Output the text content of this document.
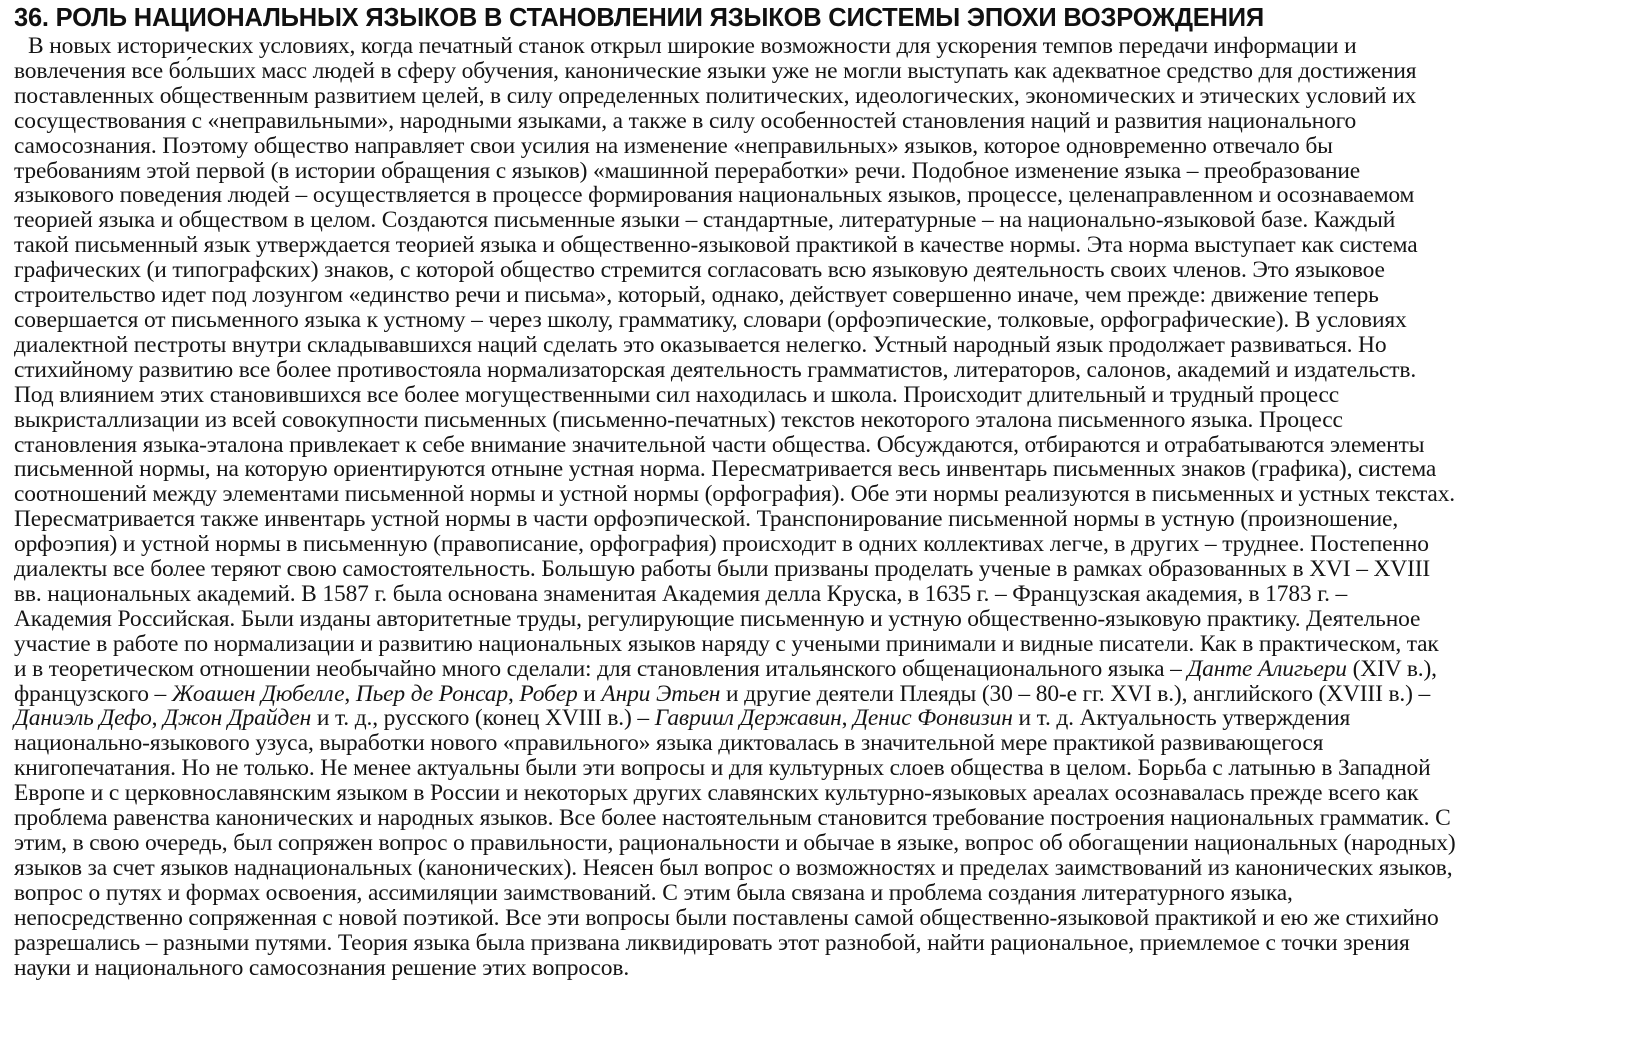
36. РОЛЬ НАЦИОНАЛЬНЫХ ЯЗЫКОВ В СТАНОВЛЕНИИ ЯЗЫКОВ СИСТЕМЫ ЭПОХИ ВОЗРОЖДЕНИЯ
В новых исторических условиях, когда печатный станок открыл широкие возможности для ускорения темпов передачи информации и
вовлечения все бо́льших масс людей в сферу обучения, канонические языки уже не могли выступать как адекватное средство для достижения
поставленных общественным развитием целей, в силу определенных политических, идеологических, экономических и этических условий их
сосуществования с «неправильными», народными языками, а также в силу особенностей становления наций и развития национального
самосознания. Поэтому общество направляет свои усилия на изменение «неправильных» языков, которое одновременно отвечало бы
требованиям этой первой (в истории обращения с языков) «машинной переработки» речи. Подобное изменение языка – преобразование
языкового поведения людей – осуществляется в процессе формирования национальных языков, процессе, целенаправленном и осознаваемом
теорией языка и обществом в целом. Создаются письменные языки – стандартные, литературные – на национально-языковой базе. Каждый
такой письменный язык утверждается теорией языка и общественно-языковой практикой в качестве нормы. Эта норма выступает как система
графических (и типографских) знаков, с которой общество стремится согласовать всю языковую деятельность своих членов. Это языковое
строительство идет под лозунгом «единство речи и письма», который, однако, действует совершенно иначе, чем прежде: движение теперь
совершается от письменного языка к устному – через школу, грамматику, словари (орфоэпические, толковые, орфографические). В условиях
диалектной пестроты внутри складывавшихся наций сделать это оказывается нелегко. Устный народный язык продолжает развиваться. Но
стихийному развитию все более противостояла нормализаторская деятельность грамматистов, литераторов, салонов, академий и издательств.
Под влиянием этих становившихся все более могущественными сил находилась и школа. Происходит длительный и трудный процесс
выкристаллизации из всей совокупности письменных (письменно-печатных) текстов некоторого эталона письменного языка. Процесс
становления языка-эталона привлекает к себе внимание значительной части общества. Обсуждаются, отбираются и отрабатываются элементы
письменной нормы, на которую ориентируются отныне устная норма. Пересматривается весь инвентарь письменных знаков (графика), система
соотношений между элементами письменной нормы и устной нормы (орфография). Обе эти нормы реализуются в письменных и устных текстах.
Пересматривается также инвентарь устной нормы в части орфоэпической. Транспонирование письменной нормы в устную (произношение,
орфоэпия) и устной нормы в письменную (правописание, орфография) происходит в одних коллективах легче, в других – труднее. Постепенно
диалекты все более теряют свою самостоятельность. Большую работы были призваны проделать ученые в рамках образованных в XVI – XVIII
вв. национальных академий. В 1587 г. была основана знаменитая Академия делла Круска, в 1635 г. – Французская академия, в 1783 г. –
Академия Российская. Были изданы авторитетные труды, регулирующие письменную и устную общественно-языковую практику. Деятельное
участие в работе по нормализации и развитию национальных языков наряду с учеными принимали и видные писатели. Как в практическом, так
и в теоретическом отношении необычайно много сделали: для становления итальянского общенационального языка – Данте Алигьери (XIV в.),
французского – Жоашен Дюбелле, Пьер де Ронсар, Робер и Анри Этьен и другие деятели Плеяды (30 – 80-е гг. XVI в.), английского (XVIII в.) –
Даниэль Дефо, Джон Драйден и т. д., русского (конец XVIII в.) – Гавриил Державин, Денис Фонвизин и т. д. Актуальность утверждения
национально-языкового узуса, выработки нового «правильного» языка диктовалась в значительной мере практикой развивающегося
книгопечатания. Но не только. Не менее актуальны были эти вопросы и для культурных слоев общества в целом. Борьба с латынью в Западной
Европе и с церковнославянским языком в России и некоторых других славянских культурно-языковых ареалах осознавалась прежде всего как
проблема равенства канонических и народных языков. Все более настоятельным становится требование построения национальных грамматик. С
этим, в свою очередь, был сопряжен вопрос о правильности, рациональности и обычае в языке, вопрос об обогащении национальных (народных)
языков за счет языков наднациональных (канонических). Неясен был вопрос о возможностях и пределах заимствований из канонических языков,
вопрос о путях и формах освоения, ассимиляции заимствований. С этим была связана и проблема создания литературного языка,
непосредственно сопряженная с новой поэтикой. Все эти вопросы были поставлены самой общественно-языковой практикой и ею же стихийно
разрешались – разными путями. Теория языка была призвана ликвидировать этот разнобой, найти рациональное, приемлемое с точки зрения
науки и национального самосознания решение этих вопросов.
